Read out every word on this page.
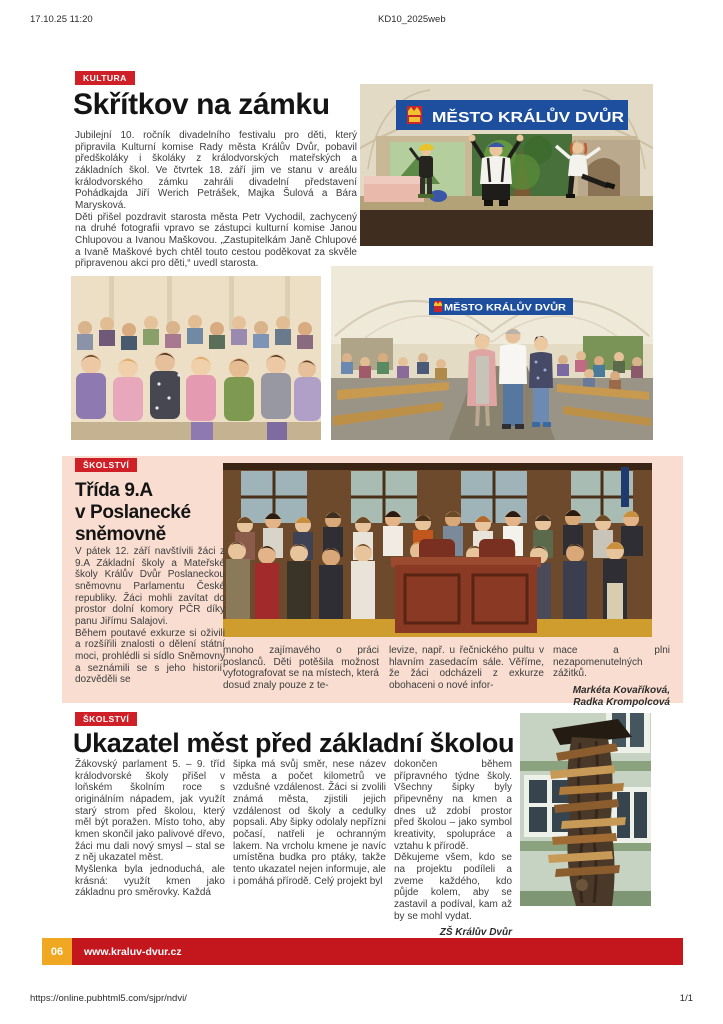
17.10.25 11:20	KD10_2025web
KULTURA
Skřítkov na zámku

Jubilejní 10. ročník divadelního festivalu pro děti, který připravila Kulturní komise Rady města Králův Dvůr, pobavil předškoláky i školáky z králodvorských mateřských a základních škol. Ve čtvrtek 18. září jim ve stanu v areálu králodvorského zámku zahráli divadelní představení Pohádkajda Jiří Werich Petrášek, Majka Šulová a Bára Marysková.

Děti přišel pozdravit starosta města Petr Vychodil, zachycený na druhé fotografii vpravo se zástupci kulturní komise Janou Chlupovou a Ivanou Maškovou. „Zastupitelkám Janě Chlupové a Ivaně Maškové bych chtěl touto cestou poděkovat za skvěle připravenou akci pro děti,“ uvedl starosta.

MĚSTO KRÁLŮV DVŮR
MĚSTO KRÁLŮV DVŮR
ŠKOLSTVÍ
Třída 9.A
v Poslanecké
sněmovně

V pátek 12. září navštívili žáci z 9.A Základní školy a Mateřské školy Králův Dvůr Poslaneckou sněmovnu Parlamentu České republiky. Žáci mohli zavítat do prostor dolní komory PČR díky panu Jiřímu Salajovi.

Během poutavé exkurze si oživili a rozšířili znalosti o dělení státní moci, prohlédli si sídlo Sněmovny a seznámili se s jeho historií, dozvěděli se

mnoho zajímavého o práci poslanců. Děti potěšila možnost vyfotografovat se na místech, která dosud znaly pouze z te-
levize, např. u řečnického pultu v hlavním zasedacím sále. Věříme, že žáci odcházeli z exkurze obohaceni o nové infor-

mace a plni nezapomenutelných zážitků.

Markéta Kovaříková,
Radka Krompolcová
ŠKOLSTVÍ
Ukazatel měst před základní školou

Žákovský parlament 5. – 9. tříd králodvorské školy přišel v loňském školním roce s originálním nápadem, jak využít starý strom před školou, který měl být poražen. Místo toho, aby kmen skončil jako palivové dřevo, žáci mu dali nový smysl – stal se z něj ukazatel měst.

Myšlenka byla jednoduchá, ale krásná: využít kmen jako základnu pro směrovky. Každá

šipka má svůj směr, nese název města a počet kilometrů ve vzdušné vzdálenost. Žáci si zvolili známá města, zjistili jejich vzdálenost od školy a cedulky popsali. Aby šipky odolaly nepřízni počasí, natřeli je ochranným lakem. Na vrcholu kmene je navíc umístěna budka pro ptáky, takže tento ukazatel nejen informuje, ale i pomáhá přírodě. Celý projekt byl

dokončen během přípravného týdne školy. Všechny šipky byly připevněny na kmen a dnes už zdobí prostor před školou – jako symbol kreativity, spolupráce a vztahu k přírodě.

Děkujeme všem, kdo se na projektu podíleli a zveme každého, kdo půjde kolem, aby se zastavil a podíval, kam až by se mohl vydat.

ZŠ Králův Dvůr
06	www.kraluv-dvur.cz
https://online.pubhtml5.com/sjpr/ndvi/	1/1
